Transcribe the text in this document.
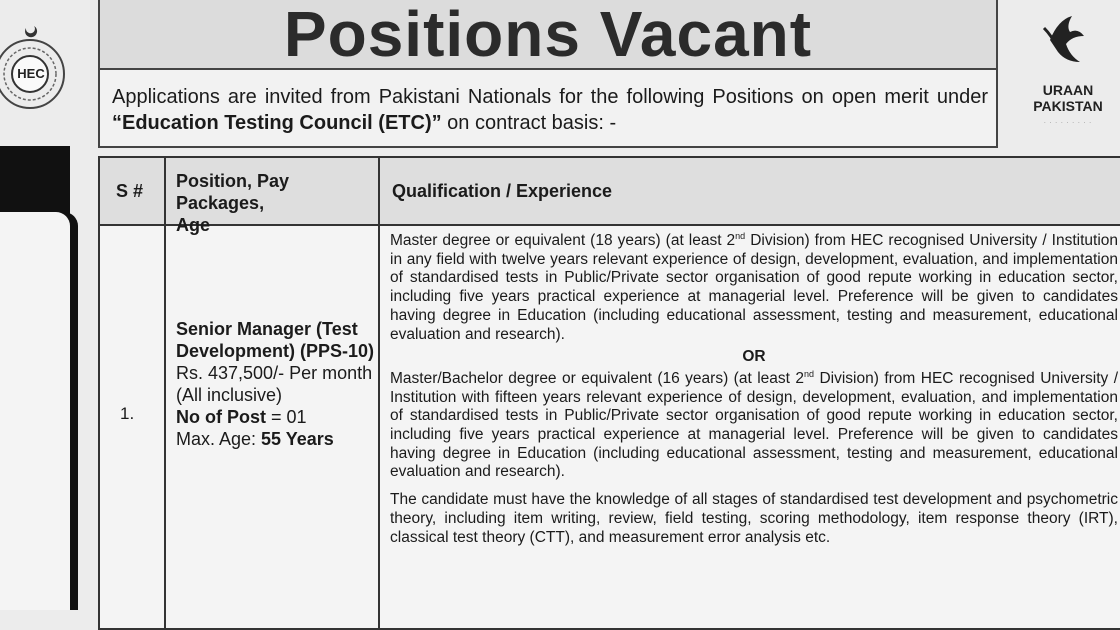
HEC
Positions Vacant
Applications are invited from Pakistani Nationals for the following Positions on open merit under
“Education Testing Council (ETC)” on contract basis: -
URAAN
PAKISTAN
· · · · · · · · ·
S # Position, Pay Packages,
Age
Qualification / Experience
1.
Senior Manager (Test
Development) (PPS-10)
Rs. 437,500/- Per month
(All inclusive)
No of Post = 01
Max. Age: 55 Years

Master degree or equivalent (18 years) (at least 2nd Division) from HEC recognised University / Institution in any field with twelve years relevant experience of design, development, evaluation, and implementation of standardised tests in Public/Private sector organisation of good repute working in education sector, including five years practical experience at managerial level. Preference will be given to candidates having degree in Education (including educational assessment, testing and measurement, educational evaluation and research).

OR

Master/Bachelor degree or equivalent (16 years) (at least 2nd Division) from HEC recognised University / Institution with fifteen years relevant experience of design, development, evaluation, and implementation of standardised tests in Public/Private sector organisation of good repute working in education sector, including five years practical experience at managerial level. Preference will be given to candidates having degree in Education (including educational assessment, testing and measurement, educational evaluation and research).

The candidate must have the knowledge of all stages of standardised test development and psychometric theory, including item writing, review, field testing, scoring methodology, item response theory (IRT), classical test theory (CTT), and measurement error analysis etc.
